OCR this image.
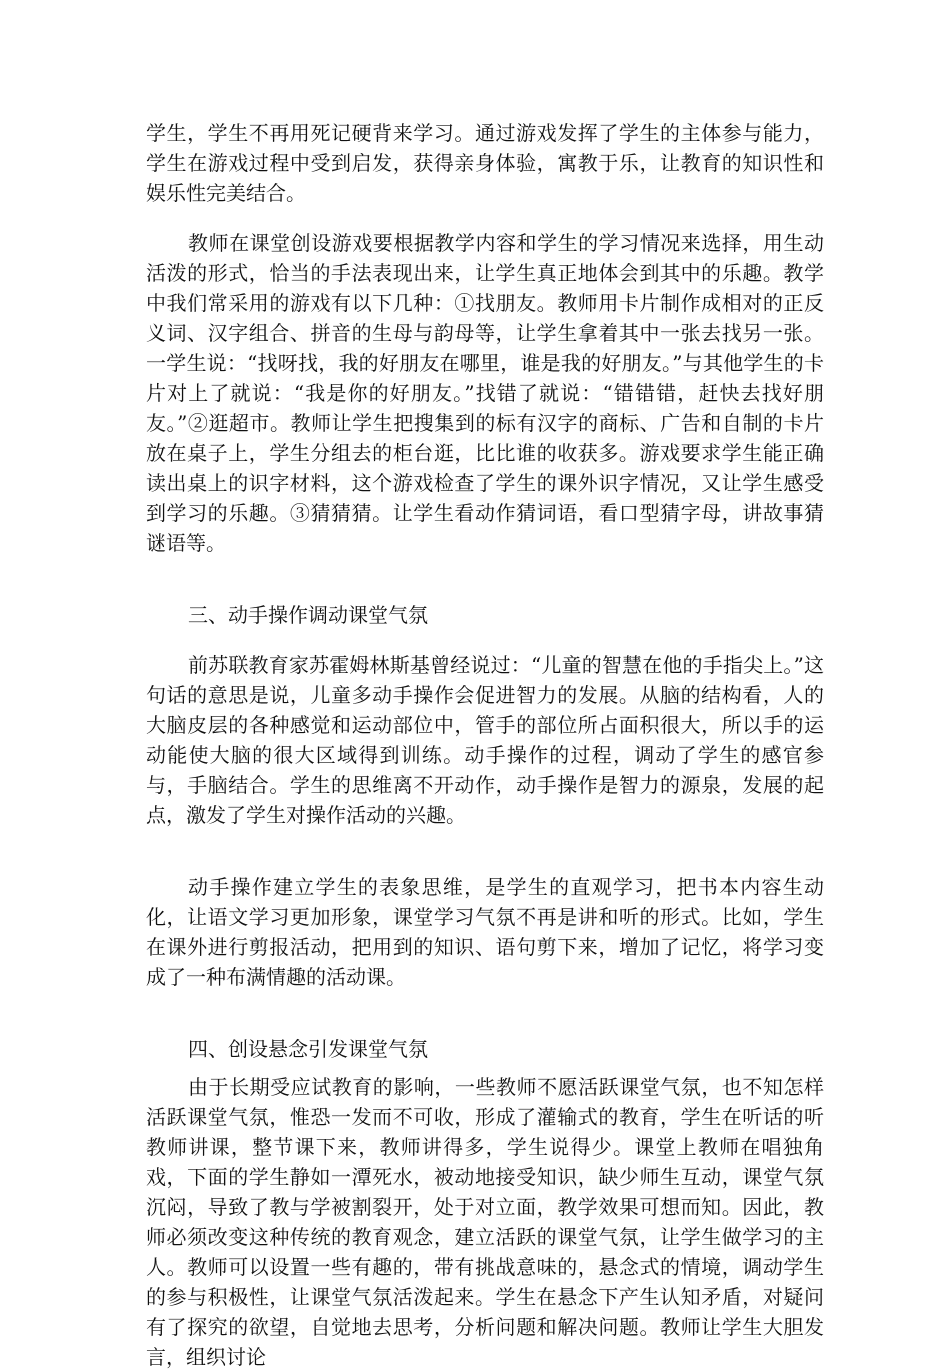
学生，学生不再用死记硬背来学习。通过游戏发挥了学生的主体参与能力，学生在游戏过程中受到启发，获得亲身体验，寓教于乐，让教育的知识性和娱乐性完美结合。

教师在课堂创设游戏要根据教学内容和学生的学习情况来选择，用生动活泼的形式，恰当的手法表现出来，让学生真正地体会到其中的乐趣。教学中我们常采用的游戏有以下几种：①找朋友。教师用卡片制作成相对的正反义词、汉字组合、拼音的生母与韵母等，让学生拿着其中一张去找另一张。一学生说：“找呀找，我的好朋友在哪里，谁是我的好朋友。”与其他学生的卡片对上了就说：“我是你的好朋友。”找错了就说：“错错错，赶快去找好朋友。”②逛超市。教师让学生把搜集到的标有汉字的商标、广告和自制的卡片放在桌子上，学生分组去的柜台逛，比比谁的收获多。游戏要求学生能正确读出桌上的识字材料，这个游戏检查了学生的课外识字情况，又让学生感受到学习的乐趣。③猜猜猜。让学生看动作猜词语，看口型猜字母，讲故事猜谜语等。

三、动手操作调动课堂气氛

前苏联教育家苏霍姆林斯基曾经说过：“儿童的智慧在他的手指尖上。”这句话的意思是说，儿童多动手操作会促进智力的发展。从脑的结构看，人的大脑皮层的各种感觉和运动部位中，管手的部位所占面积很大，所以手的运动能使大脑的很大区域得到训练。动手操作的过程，调动了学生的感官参与，手脑结合。学生的思维离不开动作，动手操作是智力的源泉，发展的起点，激发了学生对操作活动的兴趣。

动手操作建立学生的表象思维，是学生的直观学习，把书本内容生动化，让语文学习更加形象，课堂学习气氛不再是讲和听的形式。比如，学生在课外进行剪报活动，把用到的知识、语句剪下来，增加了记忆，将学习变成了一种布满情趣的活动课。

四、创设悬念引发课堂气氛

由于长期受应试教育的影响，一些教师不愿活跃课堂气氛，也不知怎样活跃课堂气氛，惟恐一发而不可收，形成了灌输式的教育，学生在听话的听教师讲课，整节课下来，教师讲得多，学生说得少。课堂上教师在唱独角戏，下面的学生静如一潭死水，被动地接受知识，缺少师生互动，课堂气氛沉闷，导致了教与学被割裂开，处于对立面，教学效果可想而知。因此，教师必须改变这种传统的教育观念，建立活跃的课堂气氛，让学生做学习的主人。教师可以设置一些有趣的，带有挑战意味的，悬念式的情境，调动学生的参与积极性，让课堂气氛活泼起来。学生在悬念下产生认知矛盾，对疑问有了探究的欲望，自觉地去思考，分析问题和解决问题。教师让学生大胆发言，组织讨论
